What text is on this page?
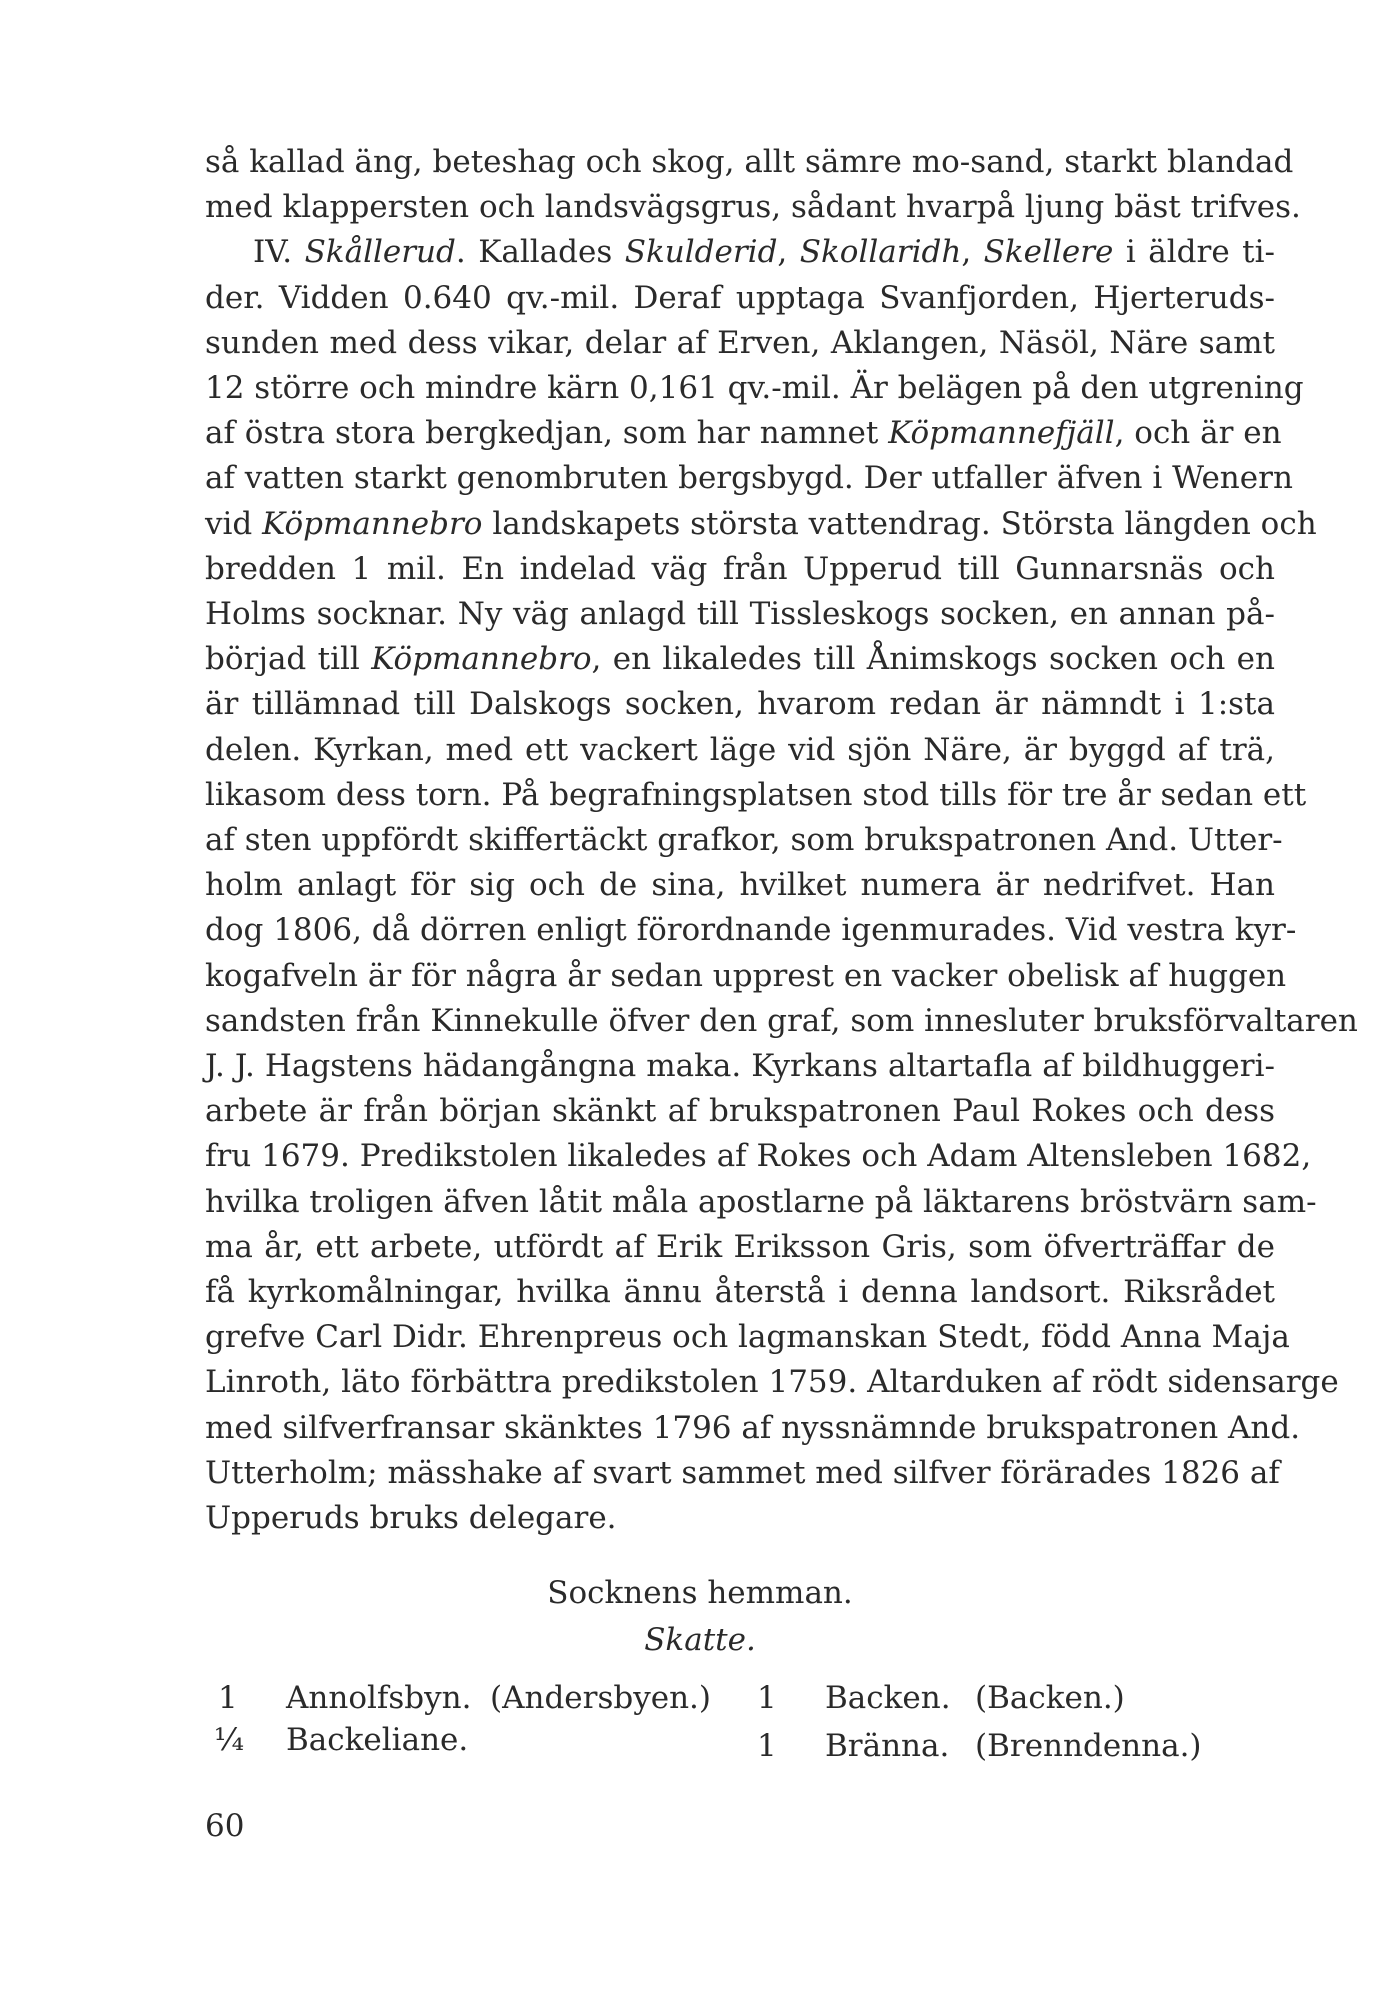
så kallad äng, beteshag och skog, allt sämre mo-sand, starkt blandad
med klappersten och landsvägsgrus, sådant hvarpå ljung bäst trifves.
IV. Skållerud. Kallades Skulderid, Skollaridh, Skellere i äldre ti-
der. Vidden 0.640 qv.-mil. Deraf upptaga Svanfjorden, Hjerteruds-
sunden med dess vikar, delar af Erven, Aklangen, Näsöl, Näre samt
12 större och mindre kärn 0,161 qv.-mil. Är belägen på den utgrening
af östra stora bergkedjan, som har namnet Köpmannefjäll, och är en
af vatten starkt genombruten bergsbygd. Der utfaller äfven i Wenern
vid Köpmannebro landskapets största vattendrag. Största längden och
bredden 1 mil. En indelad väg från Upperud till Gunnarsnäs och
Holms socknar. Ny väg anlagd till Tissleskogs socken, en annan på-
börjad till Köpmannebro, en likaledes till Ånimskogs socken och en
är tillämnad till Dalskogs socken, hvarom redan är nämndt i 1:sta
delen. Kyrkan, med ett vackert läge vid sjön Näre, är byggd af trä,
likasom dess torn. På begrafningsplatsen stod tills för tre år sedan ett
af sten uppfördt skiffertäckt grafkor, som brukspatronen And. Utter-
holm anlagt för sig och de sina, hvilket numera är nedrifvet. Han
dog 1806, då dörren enligt förordnande igenmurades. Vid vestra kyr-
kogafveln är för några år sedan upprest en vacker obelisk af huggen
sandsten från Kinnekulle öfver den graf, som innesluter bruksförvaltaren
J. J. Hagstens hädangångna maka. Kyrkans altartafla af bildhuggeri-
arbete är från början skänkt af brukspatronen Paul Rokes och dess
fru 1679. Predikstolen likaledes af Rokes och Adam Altensleben 1682,
hvilka troligen äfven låtit måla apostlarne på läktarens bröstvärn sam-
ma år, ett arbete, utfördt af Erik Eriksson Gris, som öfverträffar de
få kyrkomålningar, hvilka ännu återstå i denna landsort. Riksrådet
grefve Carl Didr. Ehrenpreus och lagmanskan Stedt, född Anna Maja
Linroth, läto förbättra predikstolen 1759. Altarduken af rödt sidensarge
med silfverfransar skänktes 1796 af nyssnämnde brukspatronen And.
Utterholm; mässhake af svart sammet med silfver förärades 1826 af
Upperuds bruks delegare.
Socknens hemman.
Skatte.
1 Annolfsbyn. (Andersbyen.) 1 Backen. (Backen.)
¼ Backeliane.	1 Bränna. (Brenndenna.)
60
